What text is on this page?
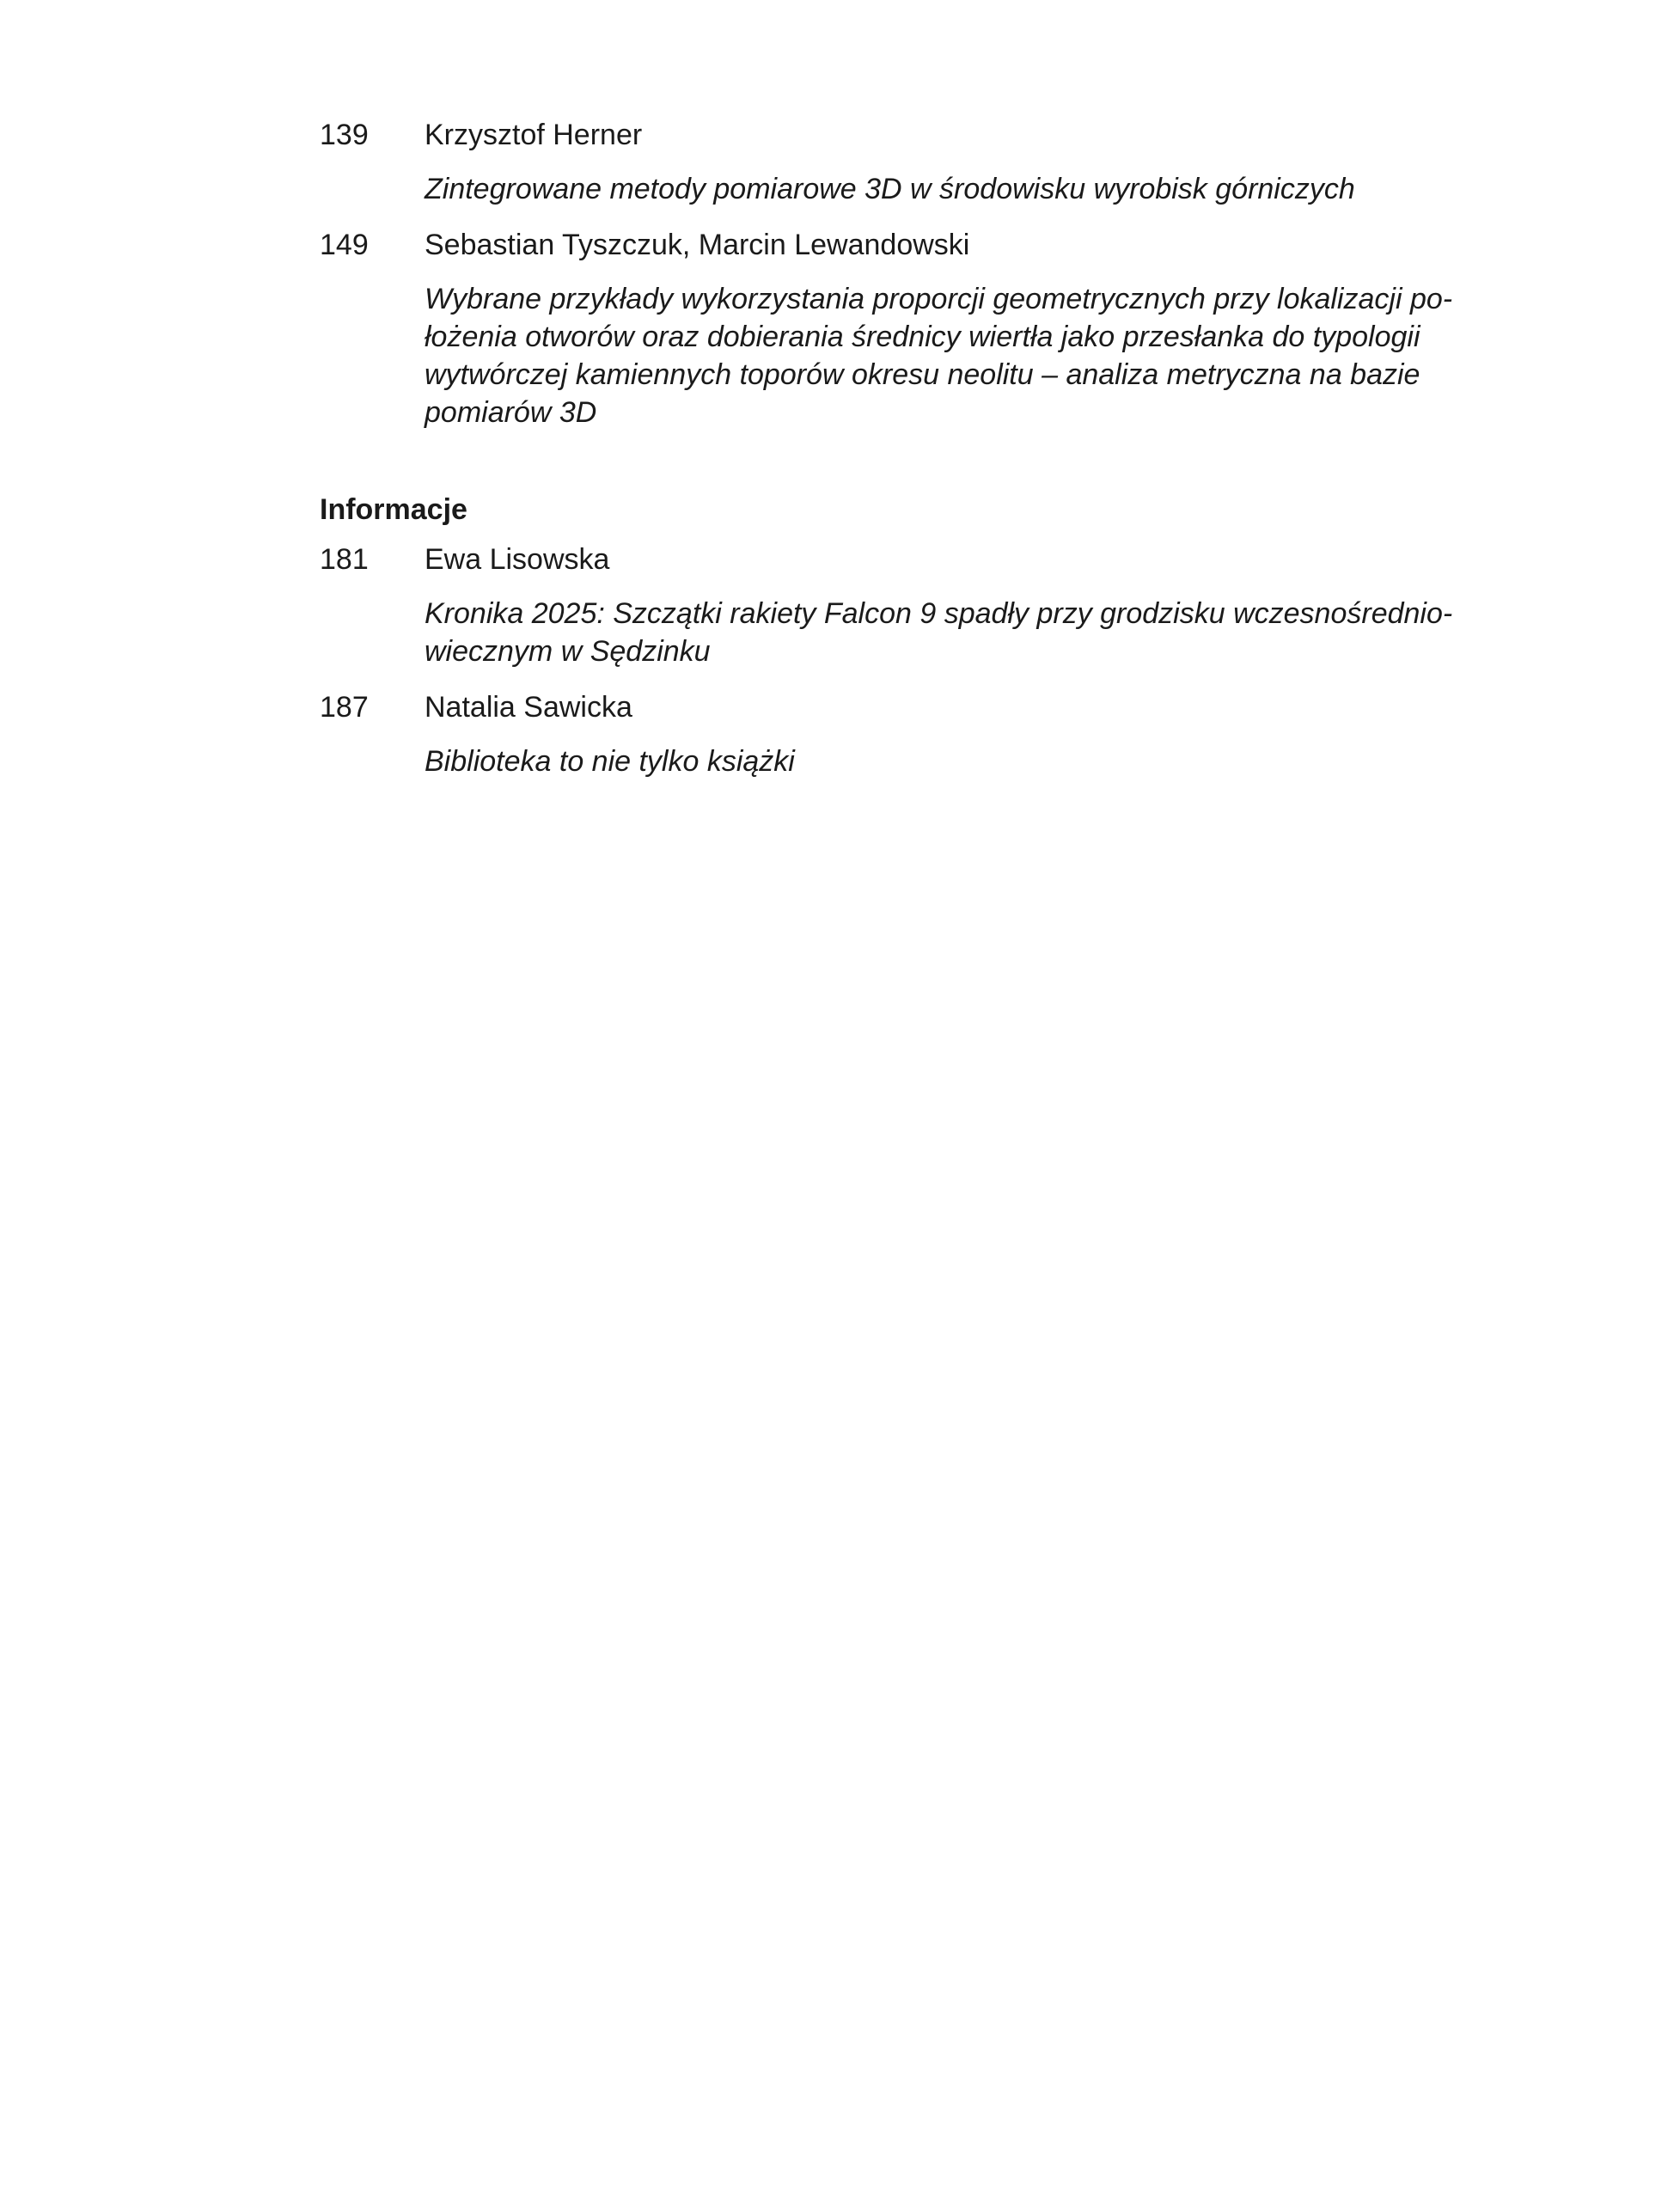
139	Krzysztof Herner
Zintegrowane metody pomiarowe 3D w środowisku wyrobisk górniczych
149	Sebastian Tyszczuk, Marcin Lewandowski
Wybrane przykłady wykorzystania proporcji geometrycznych przy lokalizacji po-
łożenia otworów oraz dobierania średnicy wiertła jako przesłanka do typologii
wytwórczej kamiennych toporów okresu neolitu – analiza metryczna na bazie
pomiarów 3D
Informacje
181	Ewa Lisowska
Kronika 2025: Szczątki rakiety Falcon 9 spadły przy grodzisku wczesnośrednio-
wiecznym w Sędzinku
187	Natalia Sawicka
Biblioteka to nie tylko książki
